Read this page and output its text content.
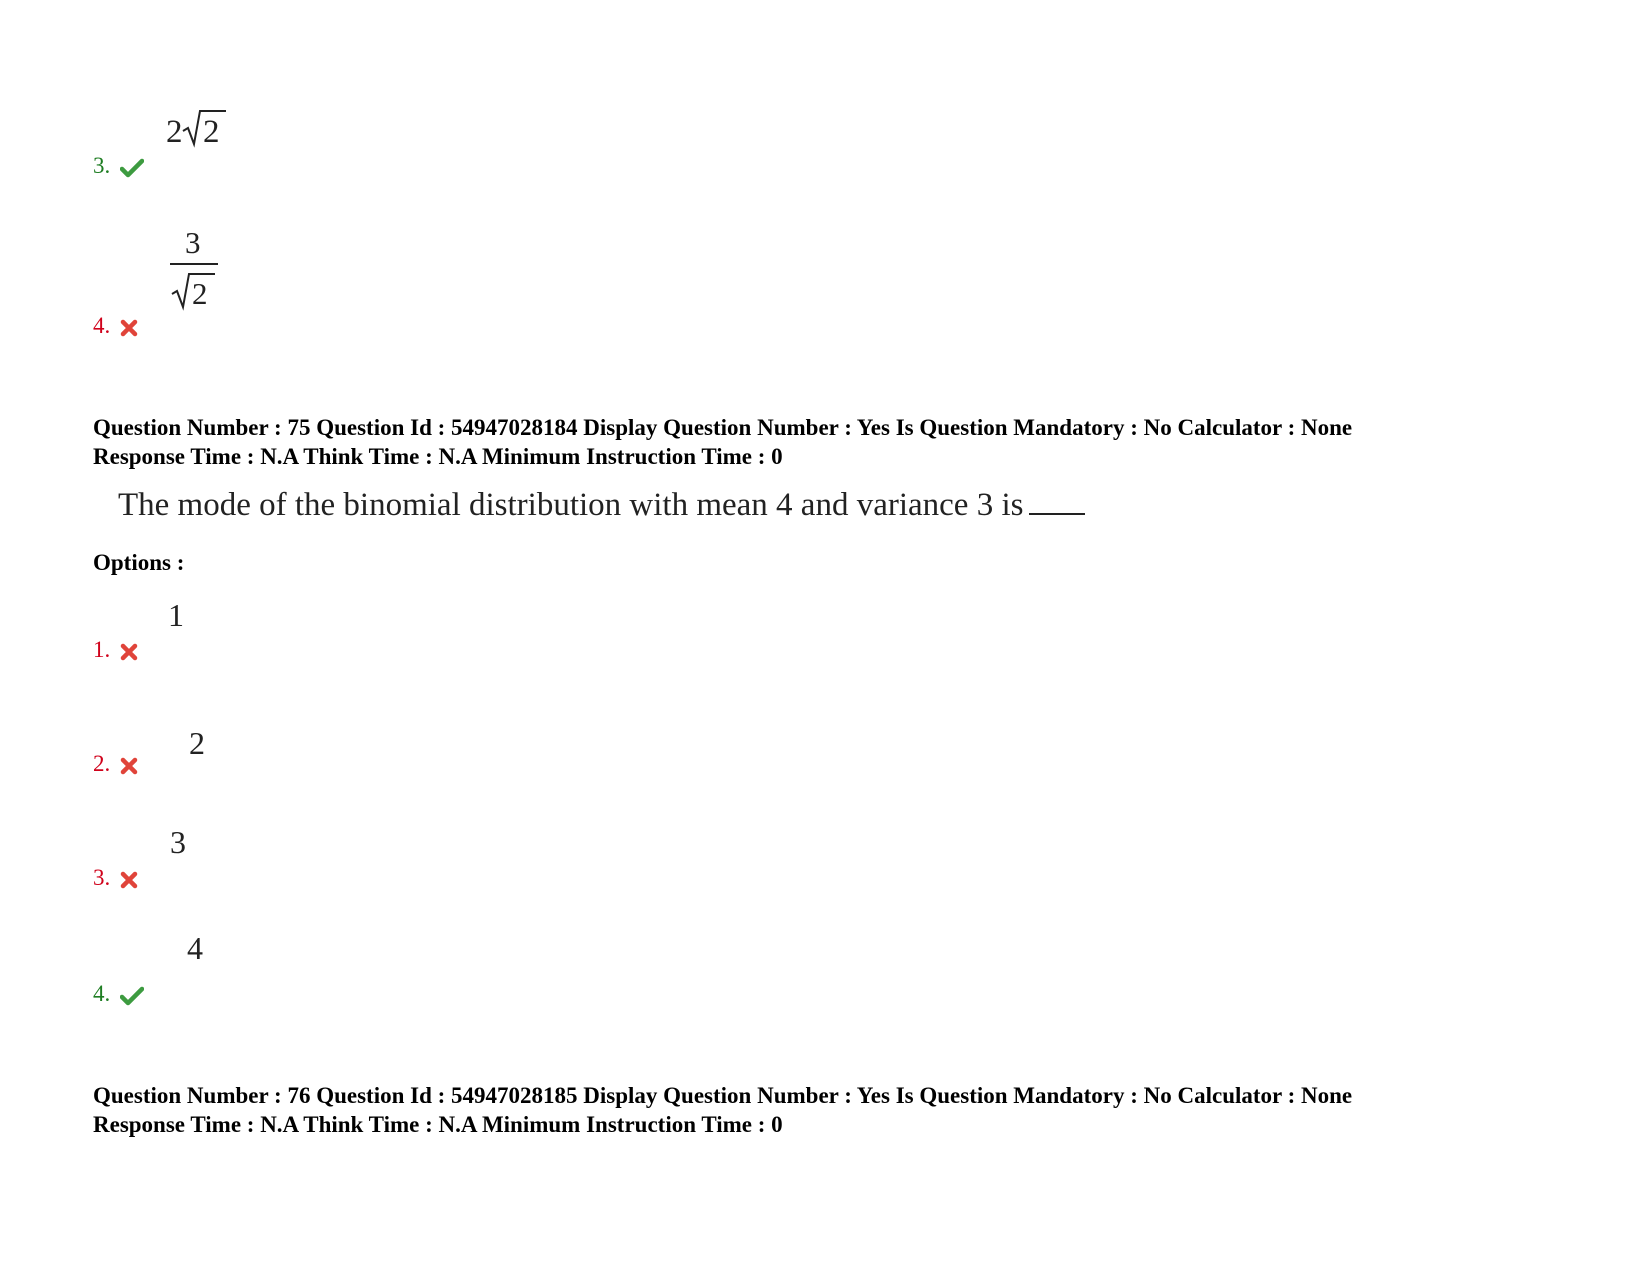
2 2
3.
3
2
4.
Question Number : 75 Question Id : 54947028184 Display Question Number : Yes Is Question Mandatory : No Calculator : None
Response Time : N.A Think Time : N.A Minimum Instruction Time : 0
The mode of the binomial distribution with mean 4 and variance 3 is
Options :
1
1.
2
2.
3
3.
4
4.
Question Number : 76 Question Id : 54947028185 Display Question Number : Yes Is Question Mandatory : No Calculator : None
Response Time : N.A Think Time : N.A Minimum Instruction Time : 0
